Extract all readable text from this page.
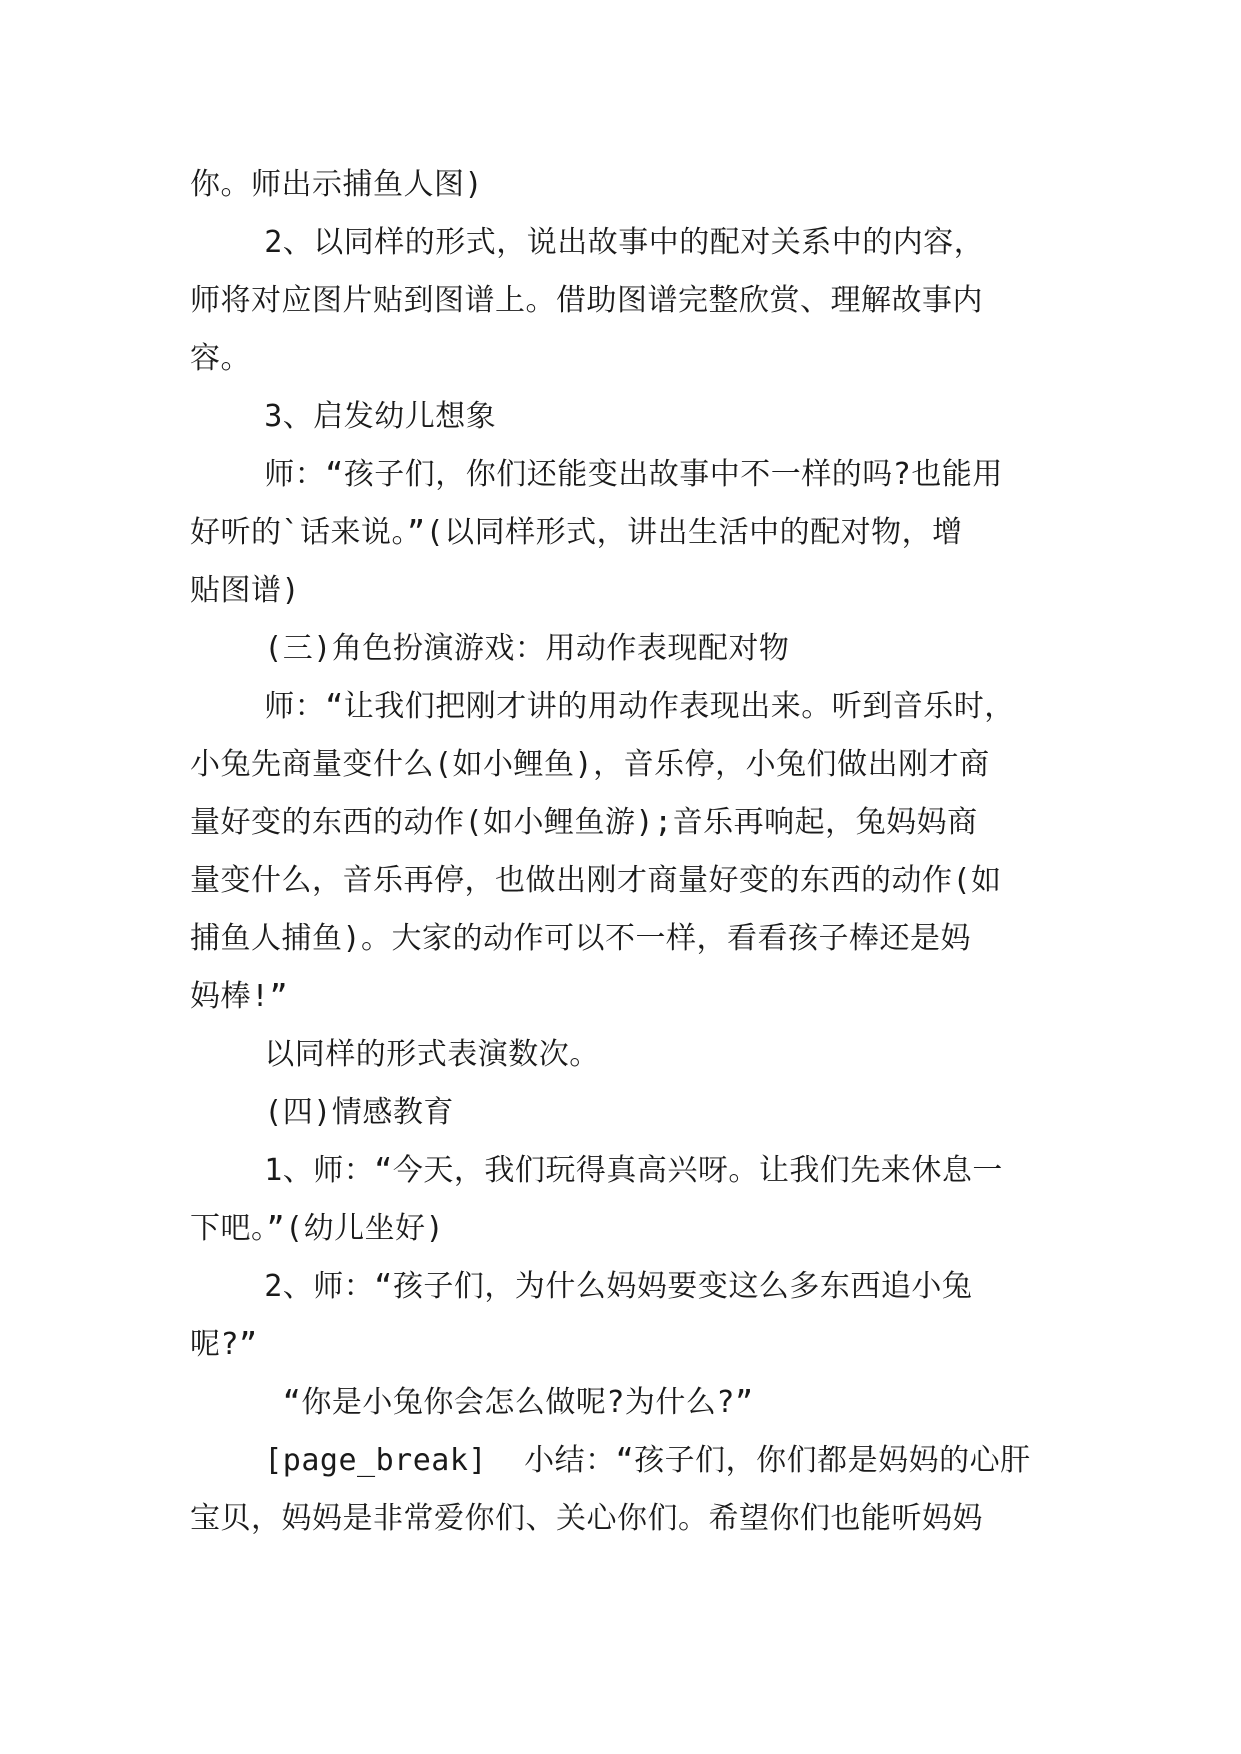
你。师出示捕鱼人图)
2、以同样的形式，说出故事中的配对关系中的内容，
师将对应图片贴到图谱上。借助图谱完整欣赏、理解故事内
容。
3、启发幼儿想象
师：“孩子们，你们还能变出故事中不一样的吗?也能用
好听的`话来说。”(以同样形式，讲出生活中的配对物，增
贴图谱)
(三)角色扮演游戏：用动作表现配对物
师：“让我们把刚才讲的用动作表现出来。听到音乐时，
小兔先商量变什么(如小鲤鱼)，音乐停，小兔们做出刚才商
量好变的东西的动作(如小鲤鱼游);音乐再响起，兔妈妈商
量变什么，音乐再停，也做出刚才商量好变的东西的动作(如
捕鱼人捕鱼)。大家的动作可以不一样，看看孩子棒还是妈
妈棒!”
以同样的形式表演数次。
(四)情感教育
1、师：“今天，我们玩得真高兴呀。让我们先来休息一
下吧。”(幼儿坐好)
2、师：“孩子们，为什么妈妈要变这么多东西追小兔
呢?”
“你是小兔你会怎么做呢?为什么?”
[page_break]  小结：“孩子们，你们都是妈妈的心肝
宝贝，妈妈是非常爱你们、关心你们。希望你们也能听妈妈
